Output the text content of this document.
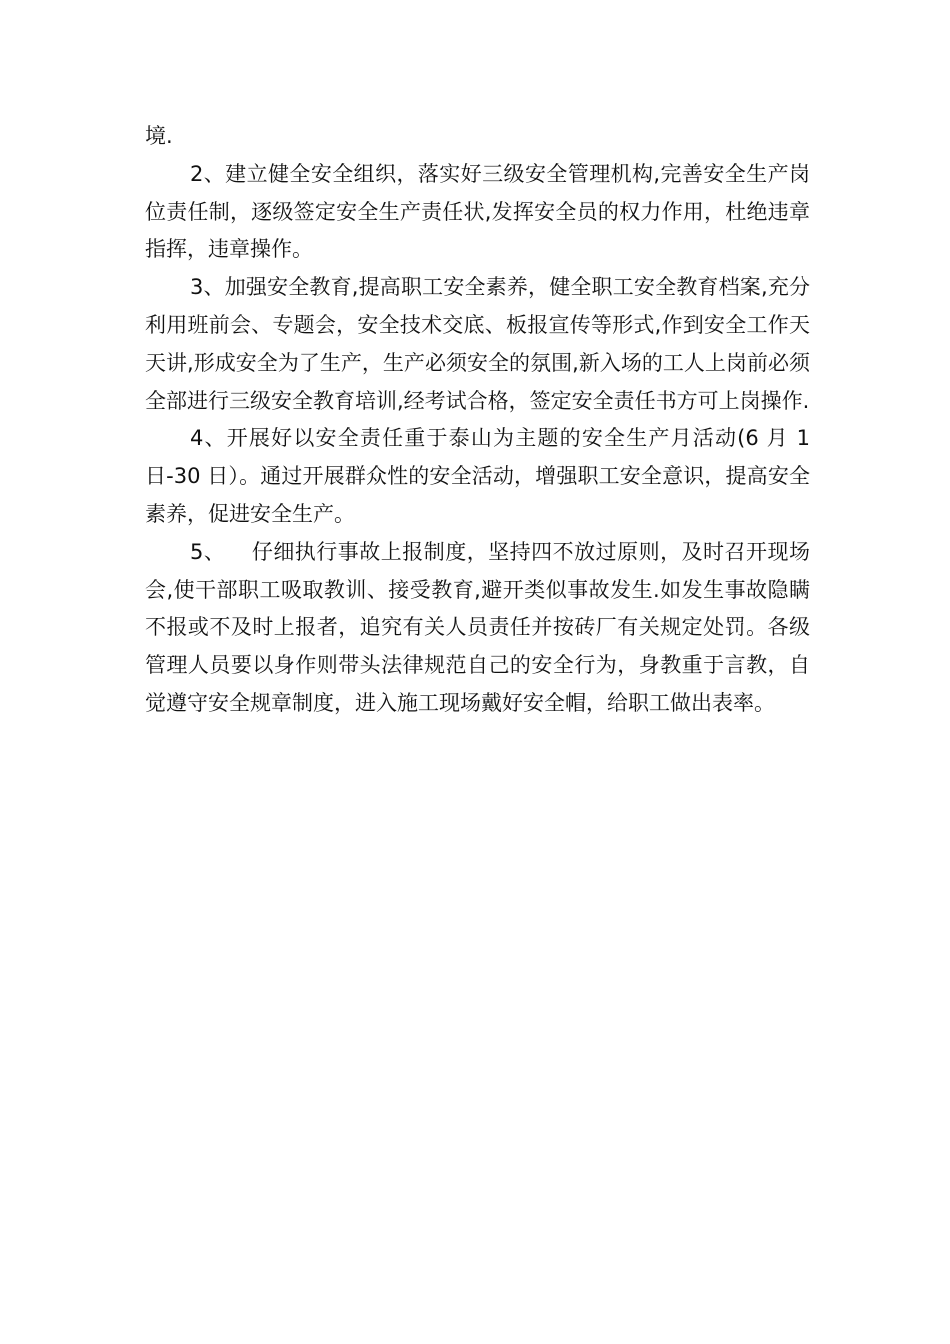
境.

2、建立健全安全组织，落实好三级安全管理机构,完善安全生产岗位责任制，逐级签定安全生产责任状,发挥安全员的权力作用，杜绝违章指挥，违章操作。

3、加强安全教育,提高职工安全素养，健全职工安全教育档案,充分利用班前会、专题会，安全技术交底、板报宣传等形式,作到安全工作天天讲,形成安全为了生产，生产必须安全的氛围,新入场的工人上岗前必须全部进行三级安全教育培训,经考试合格，签定安全责任书方可上岗操作.

4、开展好以安全责任重于泰山为主题的安全生产月活动(6 月 1 日-30 日）。通过开展群众性的安全活动，增强职工安全意识，提高安全素养，促进安全生产。

5、 仔细执行事故上报制度，坚持四不放过原则，及时召开现场会,使干部职工吸取教训、接受教育,避开类似事故发生.如发生事故隐瞒不报或不及时上报者，追究有关人员责任并按砖厂有关规定处罚。各级管理人员要以身作则带头法律规范自己的安全行为，身教重于言教，自觉遵守安全规章制度，进入施工现场戴好安全帽，给职工做出表率。
